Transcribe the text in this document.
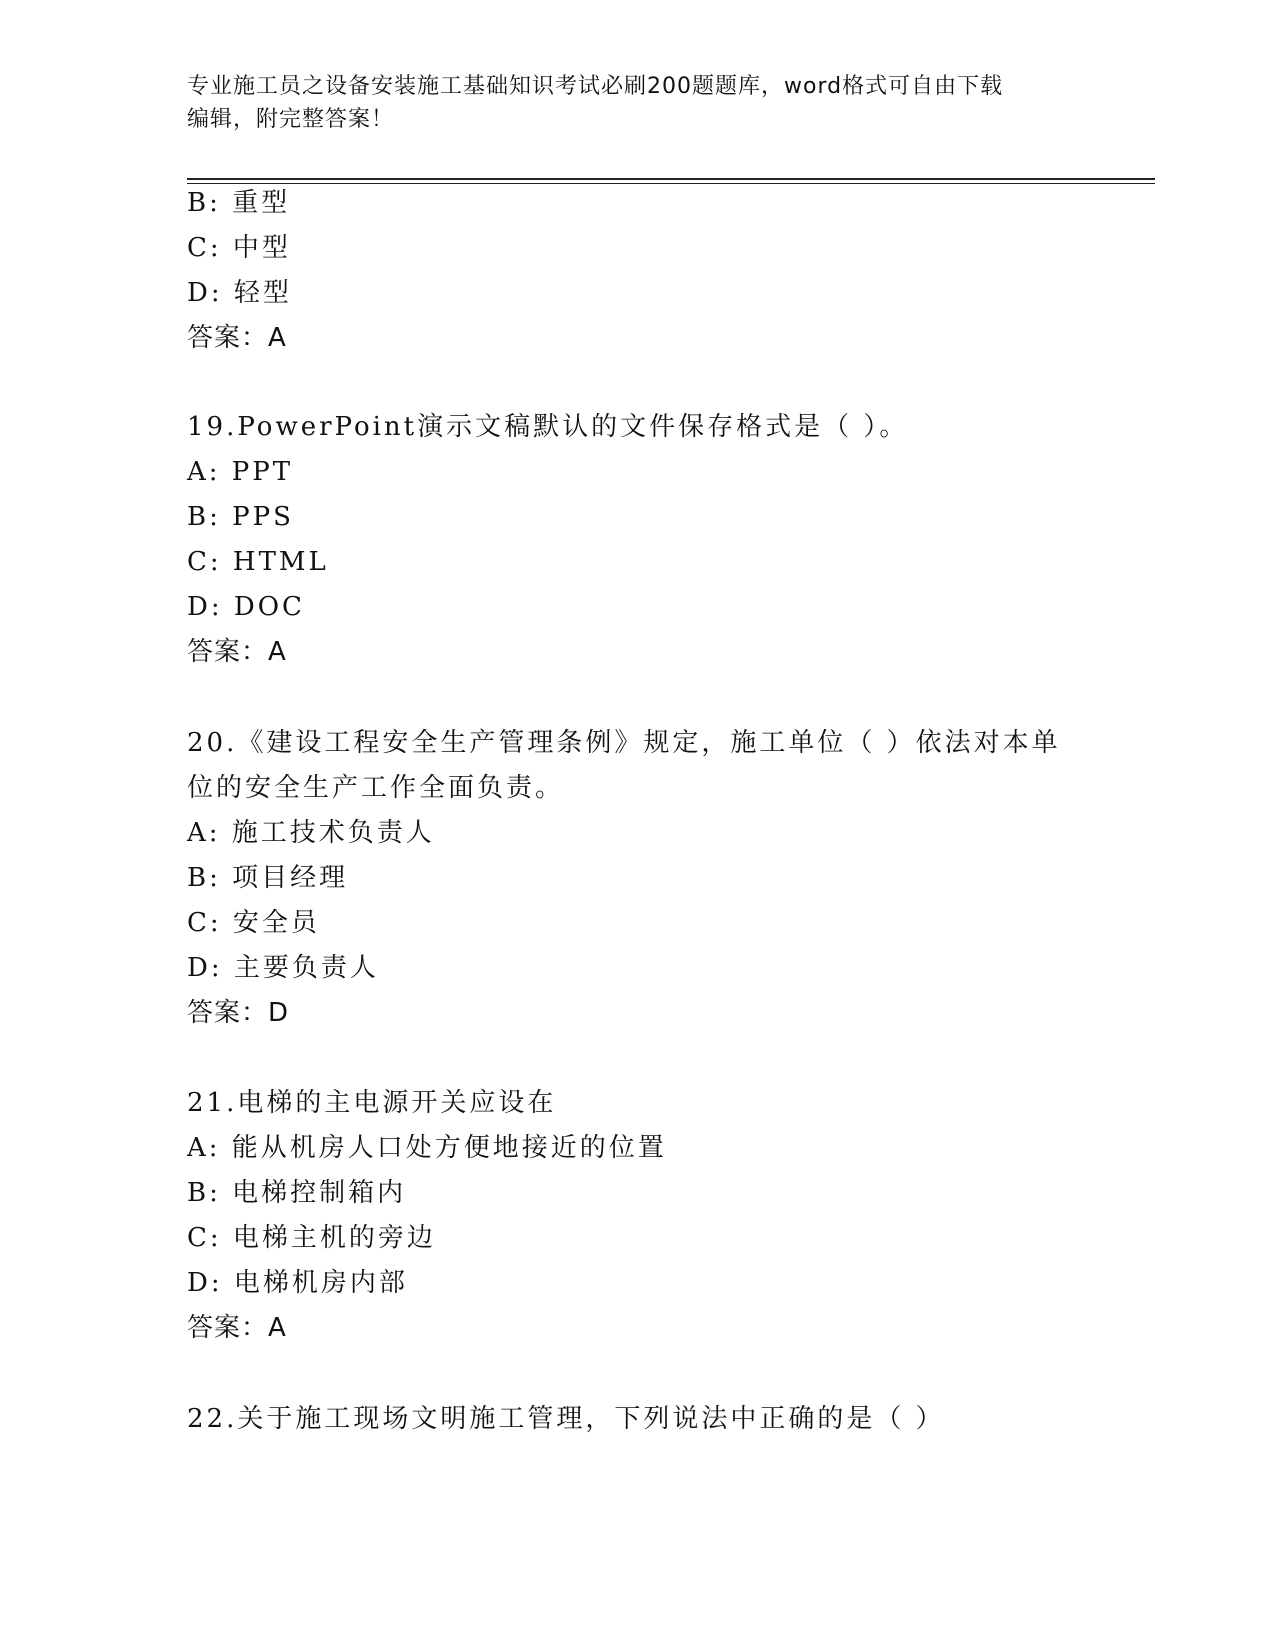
专业施工员之设备安装施工基础知识考试必刷200题题库，word格式可自由下载
编辑，附完整答案！
B: 重型
C: 中型
D: 轻型
答案：A
19.PowerPoint演示文稿默认的文件保存格式是（ ）。
A: PPT
B: PPS
C: HTML
D: DOC
答案：A
20.《建设工程安全生产管理条例》规定，施工单位（ ）依法对本单
位的安全生产工作全面负责。
A: 施工技术负责人
B: 项目经理
C: 安全员
D: 主要负责人
答案：D
21.电梯的主电源开关应设在
A: 能从机房人口处方便地接近的位置
B: 电梯控制箱内
C: 电梯主机的旁边
D: 电梯机房内部
答案：A
22.关于施工现场文明施工管理，下列说法中正确的是（ ）
